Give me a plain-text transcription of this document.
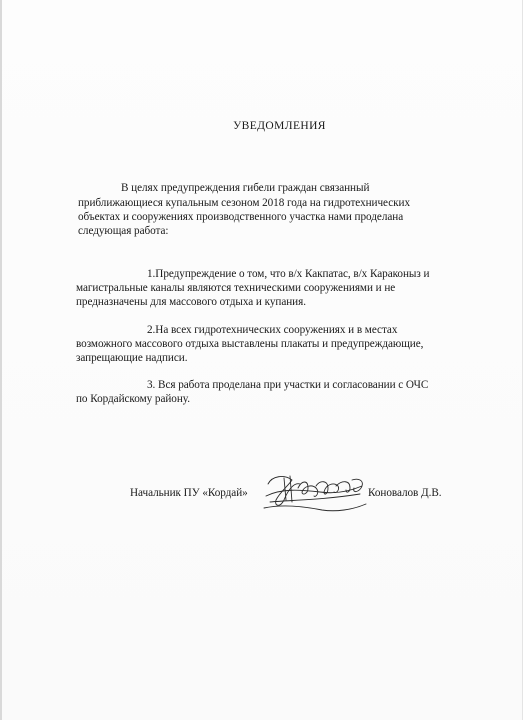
УВЕДОМЛЕНИЯ
В целях предупреждения гибели граждан связанный
приближающиеся купальным сезоном 2018 года на гидротехнических
объектах и сооружениях производственного участка нами проделана
следующая работа:
1.Предупреждение о том, что в/х Какпатас, в/х Караконыз и
магистральные каналы являются техническими сооружениями и не
предназначены для массового отдыха и купания.
2.На всех гидротехнических сооружениях и в местах
возможного массового отдыха выставлены плакаты и предупреждающие,
запрещающие надписи.
3. Вся работа проделана при участки и согласовании с ОЧС
по Кордайскому району.
Начальник ПУ «Кордай»	Коновалов Д.В.
